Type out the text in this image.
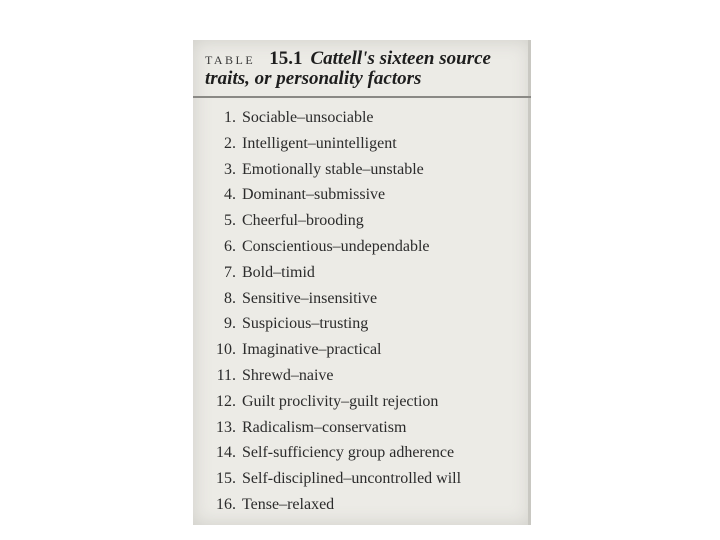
TABLE 15.1 Cattell's sixteen source
traits, or personality factors
1. Sociable–unsociable
2. Intelligent–unintelligent
3. Emotionally stable–unstable
4. Dominant–submissive
5. Cheerful–brooding
6. Conscientious–undependable
7. Bold–timid
8. Sensitive–insensitive
9. Suspicious–trusting
10. Imaginative–practical
11. Shrewd–naive
12. Guilt proclivity–guilt rejection
13. Radicalism–conservatism
14. Self-sufficiency group adherence
15. Self-disciplined–uncontrolled will
16. Tense–relaxed
